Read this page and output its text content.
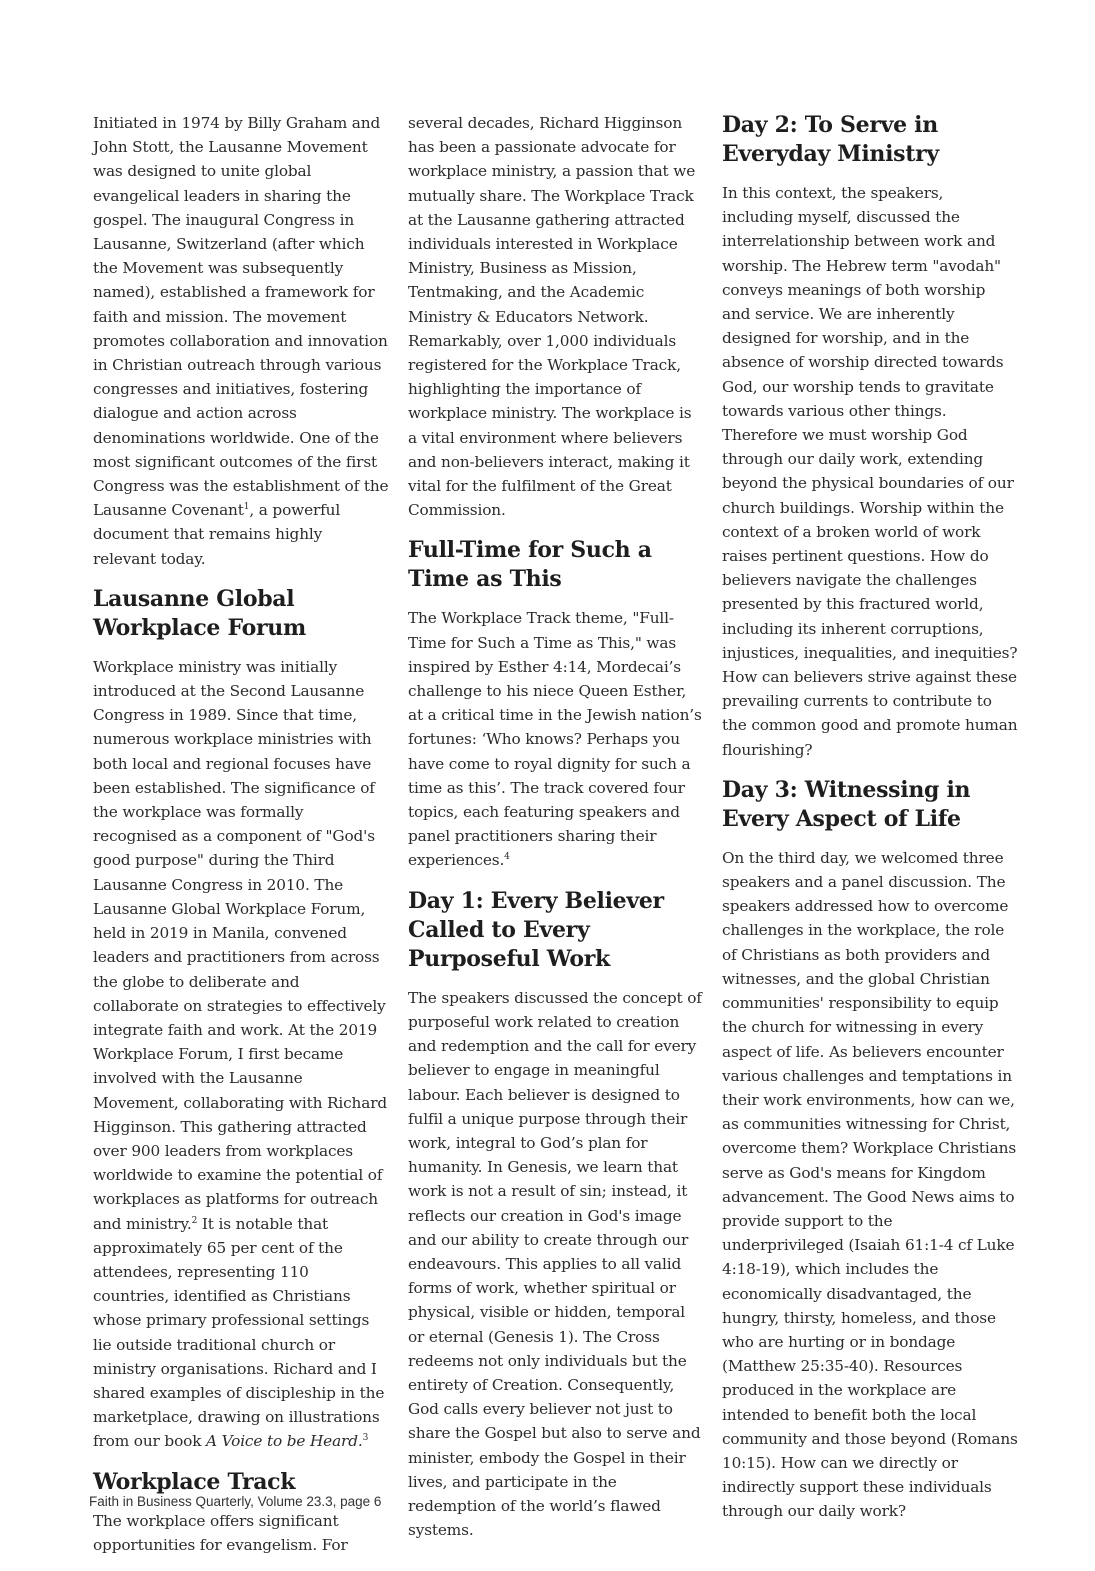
Initiated in 1974 by Billy Graham and John Stott, the Lausanne Movement was designed to unite global evangelical leaders in sharing the gospel. The inaugural Congress in Lausanne, Switzerland (after which the Movement was subsequently named), established a framework for faith and mission. The movement promotes collaboration and innovation in Christian outreach through various congresses and initiatives, fostering dialogue and action across denominations worldwide. One of the most significant outcomes of the first Congress was the establishment of the Lausanne Covenant$^1$, a powerful document that remains highly relevant today.

Lausanne Global Workplace Forum

Workplace ministry was initially introduced at the Second Lausanne Congress in 1989. Since that time, numerous workplace ministries with both local and regional focuses have been established. The significance of the workplace was formally recognised as a component of "God's good purpose" during the Third Lausanne Congress in 2010. The Lausanne Global Workplace Forum, held in 2019 in Manila, convened leaders and practitioners from across the globe to deliberate and collaborate on strategies to effectively integrate faith and work. At the 2019 Workplace Forum, I first became involved with the Lausanne Movement, collaborating with Richard Higginson. This gathering attracted over 900 leaders from workplaces worldwide to examine the potential of workplaces as platforms for outreach and ministry.$^2$ It is notable that approximately 65 per cent of the attendees, representing 110 countries, identified as Christians whose primary professional settings lie outside traditional church or ministry organisations. Richard and I shared examples of discipleship in the marketplace, drawing on illustrations from our book A Voice to be Heard.$^3$

Workplace Track

The workplace offers significant opportunities for evangelism. For

several decades, Richard Higginson has been a passionate advocate for workplace ministry, a passion that we mutually share. The Workplace Track at the Lausanne gathering attracted individuals interested in Workplace Ministry, Business as Mission, Tentmaking, and the Academic Ministry & Educators Network. Remarkably, over 1,000 individuals registered for the Workplace Track, highlighting the importance of workplace ministry. The workplace is a vital environment where believers and non-believers interact, making it vital for the fulfilment of the Great Commission.

Full-Time for Such a Time as This

The Workplace Track theme, "Full-Time for Such a Time as This," was inspired by Esther 4:14, Mordecai’s challenge to his niece Queen Esther, at a critical time in the Jewish nation’s fortunes: ‘Who knows? Perhaps you have come to royal dignity for such a time as this’. The track covered four topics, each featuring speakers and panel practitioners sharing their experiences.$^4$

Day 1: Every Believer Called to Every Purposeful Work

The speakers discussed the concept of purposeful work related to creation and redemption and the call for every believer to engage in meaningful labour. Each believer is designed to fulfil a unique purpose through their work, integral to God’s plan for humanity. In Genesis, we learn that work is not a result of sin; instead, it reflects our creation in God's image and our ability to create through our endeavours. This applies to all valid forms of work, whether spiritual or physical, visible or hidden, temporal or eternal (Genesis 1). The Cross redeems not only individuals but the entirety of Creation. Consequently, God calls every believer not just to share the Gospel but also to serve and minister, embody the Gospel in their lives, and participate in the redemption of the world’s flawed systems.

Day 2: To Serve in Everyday Ministry

In this context, the speakers, including myself, discussed the interrelationship between work and worship. The Hebrew term "avodah" conveys meanings of both worship and service. We are inherently designed for worship, and in the absence of worship directed towards God, our worship tends to gravitate towards various other things. Therefore we must worship God through our daily work, extending beyond the physical boundaries of our church buildings. Worship within the context of a broken world of work raises pertinent questions. How do believers navigate the challenges presented by this fractured world, including its inherent corruptions, injustices, inequalities, and inequities? How can believers strive against these prevailing currents to contribute to the common good and promote human flourishing?

Day 3: Witnessing in Every Aspect of Life

On the third day, we welcomed three speakers and a panel discussion. The speakers addressed how to overcome challenges in the workplace, the role of Christians as both providers and witnesses, and the global Christian communities' responsibility to equip the church for witnessing in every aspect of life. As believers encounter various challenges and temptations in their work environments, how can we, as communities witnessing for Christ, overcome them? Workplace Christians serve as God's means for Kingdom advancement. The Good News aims to provide support to the underprivileged (Isaiah 61:1-4 cf Luke 4:18-19), which includes the economically disadvantaged, the hungry, thirsty, homeless, and those who are hurting or in bondage (Matthew 25:35-40). Resources produced in the workplace are intended to benefit both the local community and those beyond (Romans 10:15). How can we directly or indirectly support these individuals through our daily work?

Faith in Business Quarterly, Volume 23.3, page 6
